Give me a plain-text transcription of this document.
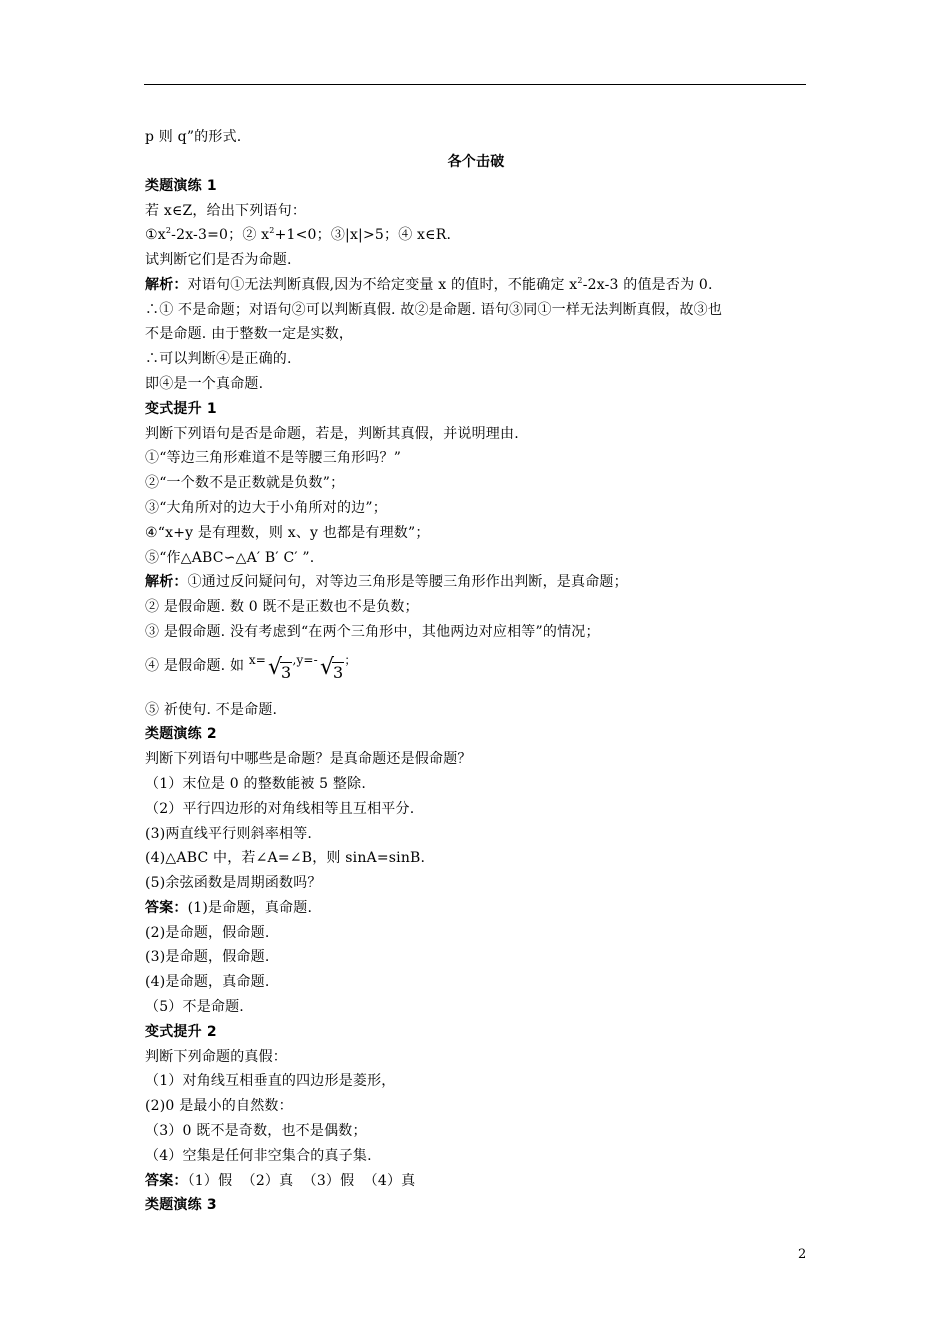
p 则 q”的形式.
各个击破
类题演练 1
若 x∈Z，给出下列语句：
$①x^2-2x-3=0$；② $x^2+1<0$；③|x|>5；④ x∈R.
试判断它们是否为命题.
解析：对语句①无法判断真假,因为不给定变量 x 的值时，不能确定 $x^2-2x-3$ 的值是否为 0.
∴① 不是命题；对语句②可以判断真假. 故②是命题. 语句③同①一样无法判断真假，故③也
不是命题. 由于整数一定是实数，
∴可以判断④是正确的.
即④是一个真命题.
变式提升 1
判断下列语句是否是命题，若是，判断其真假，并说明理由.
①“等边三角形难道不是等腰三角形吗？”
②“一个数不是正数就是负数”；
③“大角所对的边大于小角所对的边”；
④“x+y 是有理数，则 x、y 也都是有理数”；
⑤“作△ABC∽△A′ B′ C′ ”.
解析：①通过反问疑问句，对等边三角形是等腰三角形作出判断，是真命题；
② 是假命题. 数 0 既不是正数也不是负数；
③ 是假命题. 没有考虑到“在两个三角形中，其他两边对应相等”的情况；
④ 是假命题. 如 x= √
3,y=- √
3；
⑤ 祈使句. 不是命题.
类题演练 2
判断下列语句中哪些是命题？是真命题还是假命题？
（1）末位是 0 的整数能被 5 整除.
（2）平行四边形的对角线相等且互相平分.
(3)两直线平行则斜率相等.
(4)△ABC 中，若∠A=∠B，则 sinA=sinB.
(5)余弦函数是周期函数吗？
答案：(1)是命题，真命题.
(2)是命题，假命题.
(3)是命题，假命题.
(4)是命题，真命题.
（5）不是命题.
变式提升 2
判断下列命题的真假：
（1）对角线互相垂直的四边形是菱形，
(2)0 是最小的自然数：
（3）0 既不是奇数，也不是偶数；
（4）空集是任何非空集合的真子集.
答案：（1）假  （2）真  （3）假  （4）真
类题演练 3
2
